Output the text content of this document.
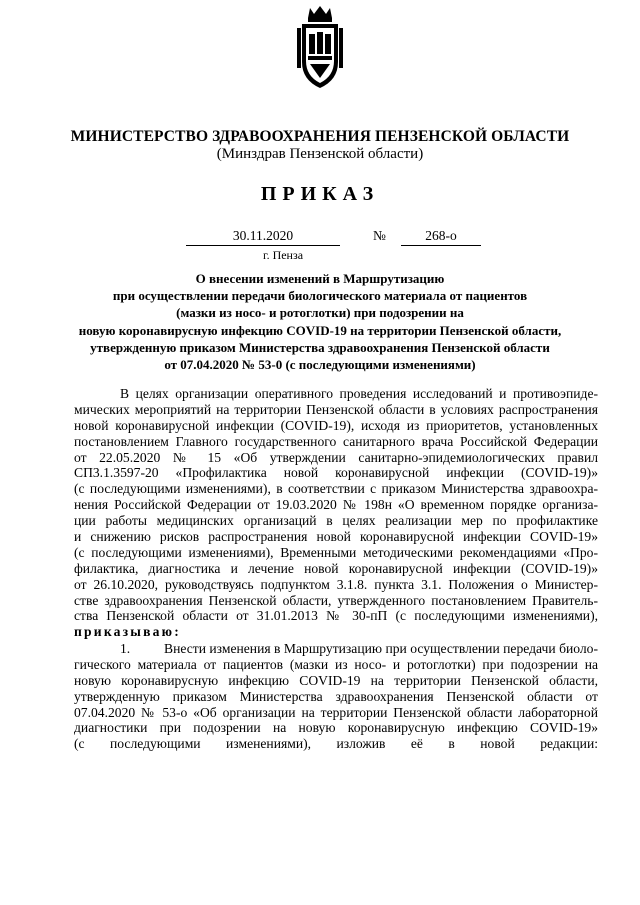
МИНИСТЕРСТВО ЗДРАВООХРАНЕНИЯ ПЕНЗЕНСКОЙ ОБЛАСТИ
(Минздрав Пензенской области)
ПРИКАЗ
30.11.2020	№	268-о
г. Пенза
О внесении изменений в Маршрутизацию
при осуществлении передачи биологического материала от пациентов
(мазки из носо- и ротоглотки) при подозрении на
новую коронавирусную инфекцию COVID-19 на территории Пензенской области,
утвержденную приказом Министерства здравоохранения Пензенской области
от 07.04.2020 № 53-0 (с последующими изменениями)
В целях организации оперативного проведения исследований и противоэпиде-
мических мероприятий на территории Пензенской области в условиях распространения
новой коронавирусной инфекции (COVID-19), исходя из приоритетов, установленных
постановлением Главного государственного санитарного врача Российской Федерации
от 22.05.2020 № 15 «Об утверждении санитарно-эпидемиологических правил
СП3.1.3597-20 «Профилактика новой коронавирусной инфекции (COVID-19)»
(с последующими изменениями), в соответствии с приказом Министерства здравоохра-
нения Российской Федерации от 19.03.2020 № 198н «О временном порядке организа-
ции работы медицинских организаций в целях реализации мер по профилактике
и снижению рисков распространения новой коронавирусной инфекции COVID-19»
(с последующими изменениями), Временными методическими рекомендациями «Про-
филактика, диагностика и лечение новой коронавирусной инфекции (COVID-19)»
от 26.10.2020, руководствуясь подпунктом 3.1.8. пункта 3.1. Положения о Министер-
стве здравоохранения Пензенской области, утвержденного постановлением Правитель-
ства Пензенской области от 31.01.2013 № 30-пП (с последующими изменениями),
приказываю:
1. Внести изменения в Маршрутизацию при осуществлении передачи биоло-
гического материала от пациентов (мазки из носо- и ротоглотки) при подозрении на
новую коронавирусную инфекцию COVID-19 на территории Пензенской области,
утвержденную приказом Министерства здравоохранения Пензенской области от
07.04.2020 № 53-о «Об организации на территории Пензенской области лабораторной
диагностики при подозрении на новую коронавирусную инфекцию COVID-19»
(с последующими изменениями), изложив её в новой редакции:
